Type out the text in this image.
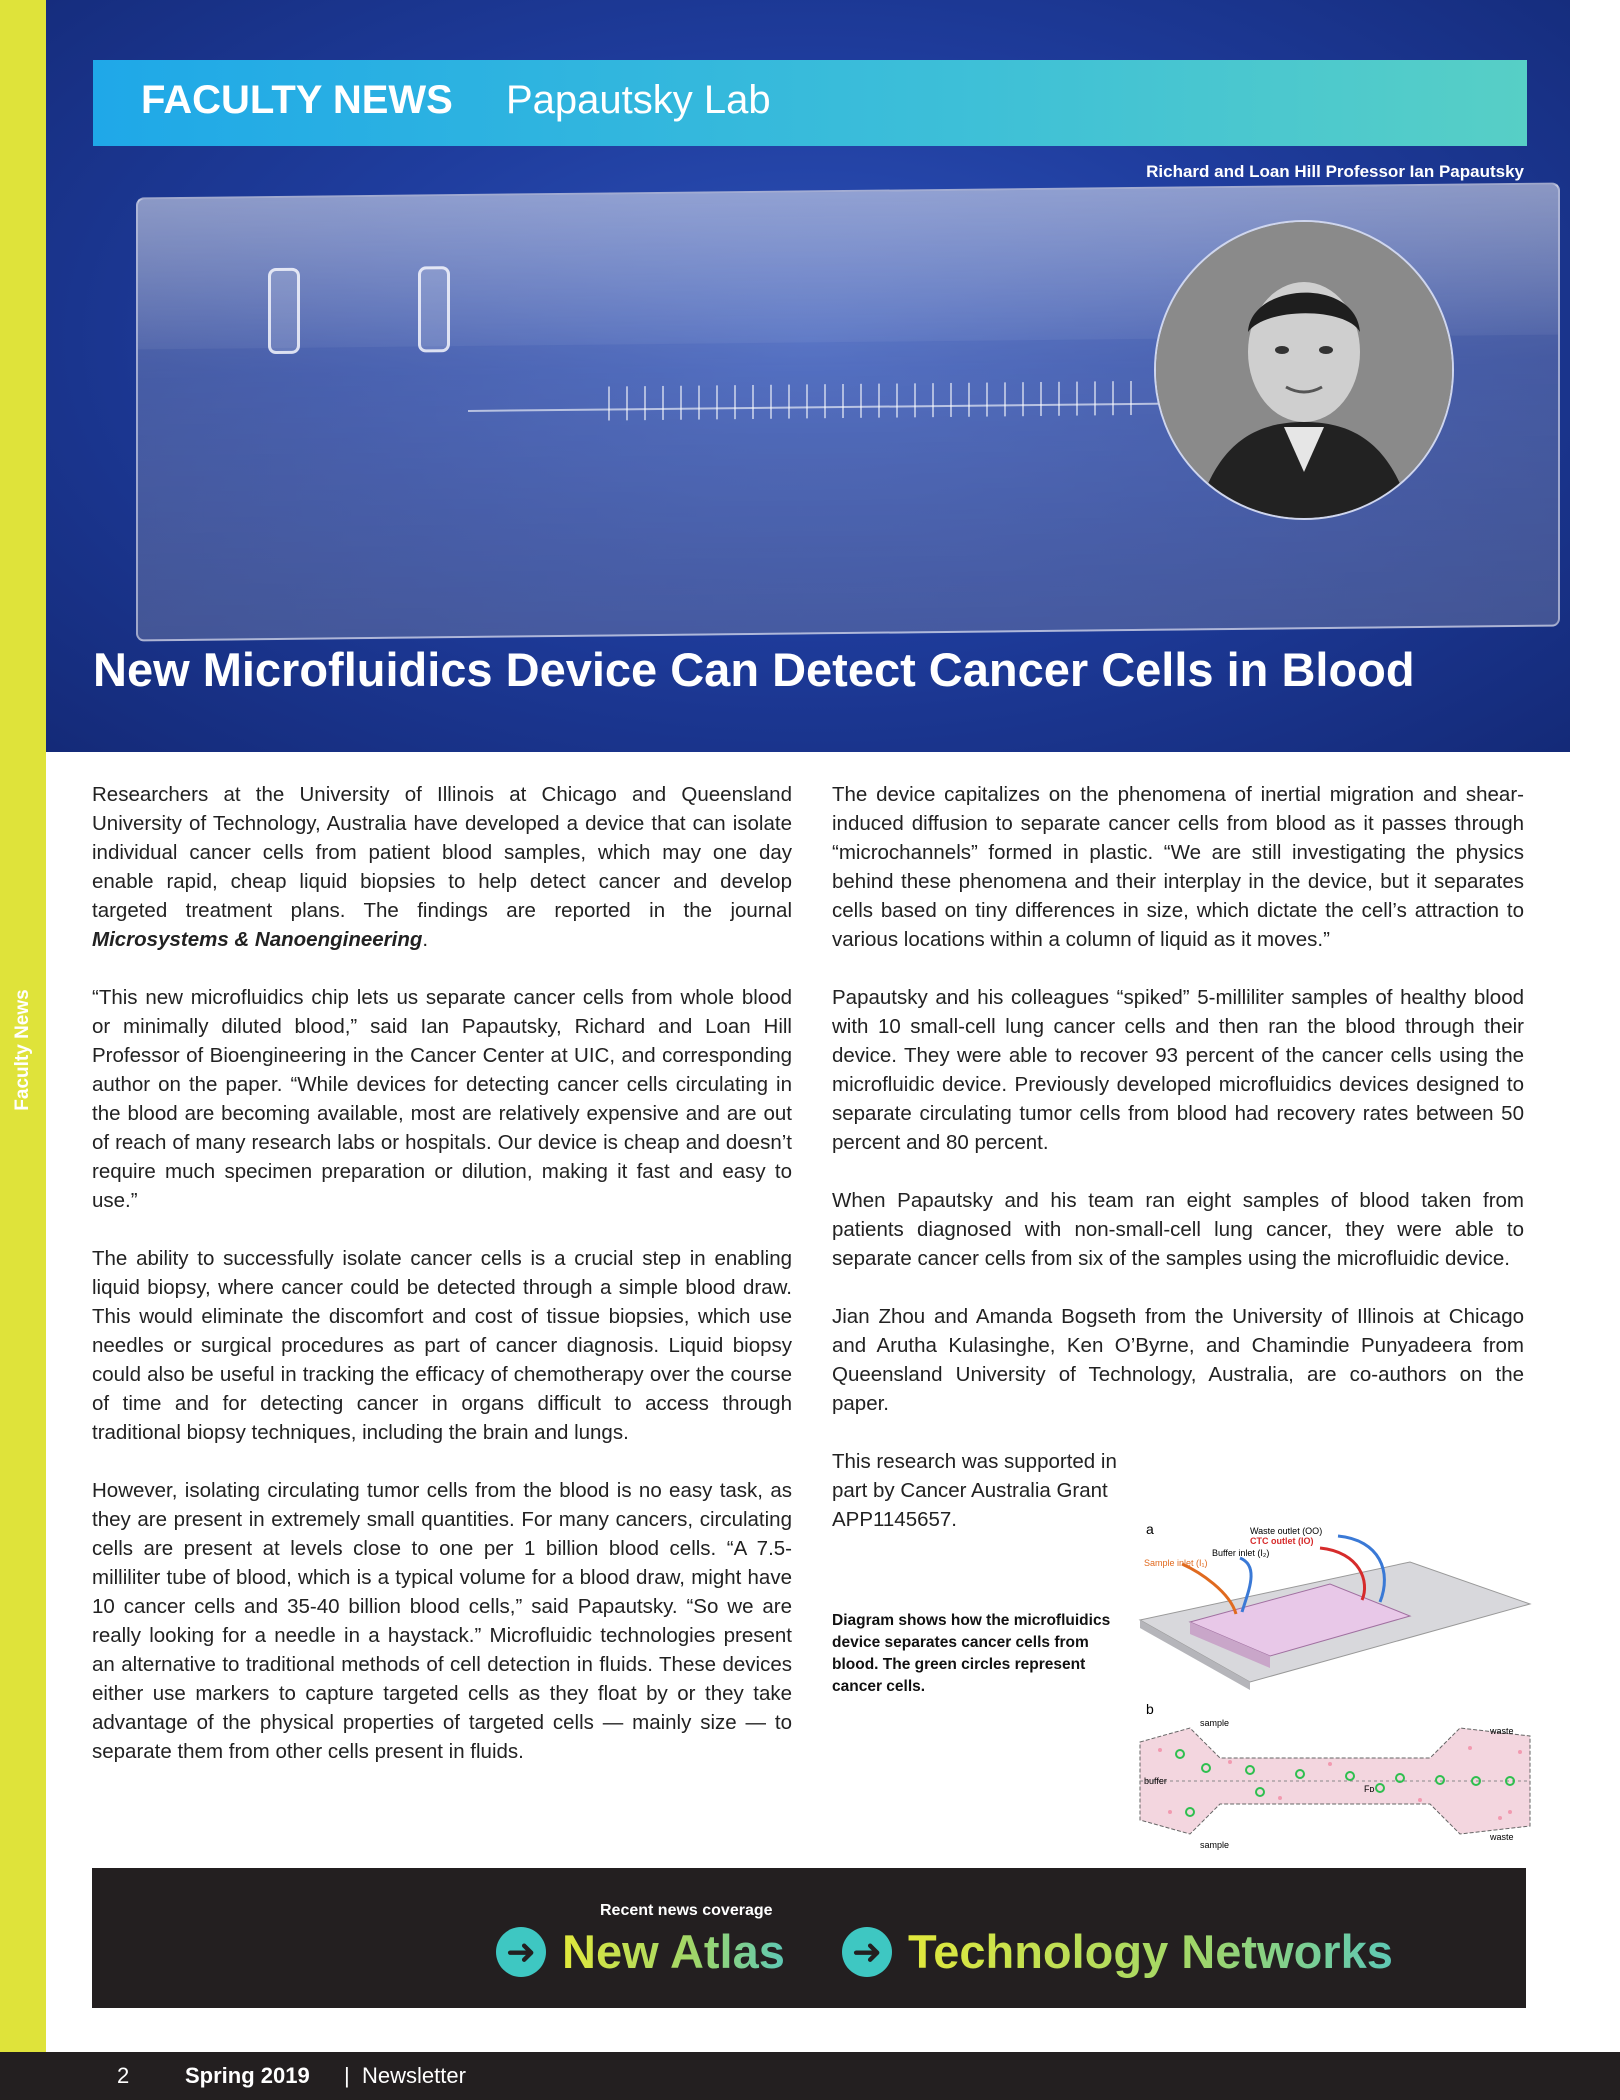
Faculty News
FACULTY NEWS Papautsky Lab
Richard and Loan Hill Professor Ian Papautsky
New Microfluidics Device Can Detect Cancer Cells in Blood

Researchers at the University of Illinois at Chicago and Queensland University of Technology, Australia have developed a device that can isolate individual cancer cells from patient blood samples, which may one day enable rapid, cheap liquid biopsies to help detect cancer and develop targeted treatment plans. The findings are reported in the journal Microsystems & Nanoengineering.

“This new microfluidics chip lets us separate cancer cells from whole blood or minimally diluted blood,” said Ian Papautsky, Richard and Loan Hill Professor of Bioengineering in the Cancer Center at UIC, and corresponding author on the paper. “While devices for detecting cancer cells circulating in the blood are becoming available, most are relatively expensive and are out of reach of many research labs or hospitals. Our device is cheap and doesn’t require much specimen preparation or dilution, making it fast and easy to use.”

The ability to successfully isolate cancer cells is a crucial step in enabling liquid biopsy, where cancer could be detected through a simple blood draw. This would eliminate the discomfort and cost of tissue biopsies, which use needles or surgical procedures as part of cancer diagnosis. Liquid biopsy could also be useful in tracking the efficacy of chemotherapy over the course of time and for detecting cancer in organs difficult to access through traditional biopsy techniques, including the brain and lungs.

However, isolating circulating tumor cells from the blood is no easy task, as they are present in extremely small quantities. For many cancers, circulating cells are present at levels close to one per 1 billion blood cells. “A 7.5-milliliter tube of blood, which is a typical volume for a blood draw, might have 10 cancer cells and 35-40 billion blood cells,” said Papautsky. “So we are really looking for a needle in a haystack.” Microfluidic technologies present an alternative to traditional methods of cell detection in fluids. These devices either use markers to capture targeted cells as they float by or they take advantage of the physical properties of targeted cells — mainly size — to separate them from other cells present in fluids.

The device capitalizes on the phenomena of inertial migration and shear-induced diffusion to separate cancer cells from blood as it passes through “microchannels” formed in plastic. “We are still investigating the physics behind these phenomena and their interplay in the device, but it separates cells based on tiny differences in size, which dictate the cell’s attraction to various locations within a column of liquid as it moves.”

Papautsky and his colleagues “spiked” 5-milliliter samples of healthy blood with 10 small-cell lung cancer cells and then ran the blood through their device. They were able to recover 93 percent of the cancer cells using the microfluidic device. Previously developed microfluidics devices designed to separate circulating tumor cells from blood had recovery rates between 50 percent and 80 percent.

When Papautsky and his team ran eight samples of blood taken from patients diagnosed with non-small-cell lung cancer, they were able to separate cancer cells from six of the samples using the microfluidic device.

Jian Zhou and Amanda Bogseth from the University of Illinois at Chicago and Arutha Kulasinghe, Ken O’Byrne, and Chamindie Punyadeera from Queensland University of Technology, Australia, are co-authors on the paper.

This research was supported in part by Cancer Australia Grant APP1145657.

Diagram shows how the microfluidics device separates cancer cells from blood. The green circles represent cancer cells.
a	Waste outlet (OO)
CTC outlet (IO)
Buffer inlet (I₂)
Sample inlet (I₁)
b
sample
sample
buffer
waste
waste
Fᴅ
Recent news coverage
➜ New Atlas ➜ Technology Networks
2	Spring 2019 | Newsletter
